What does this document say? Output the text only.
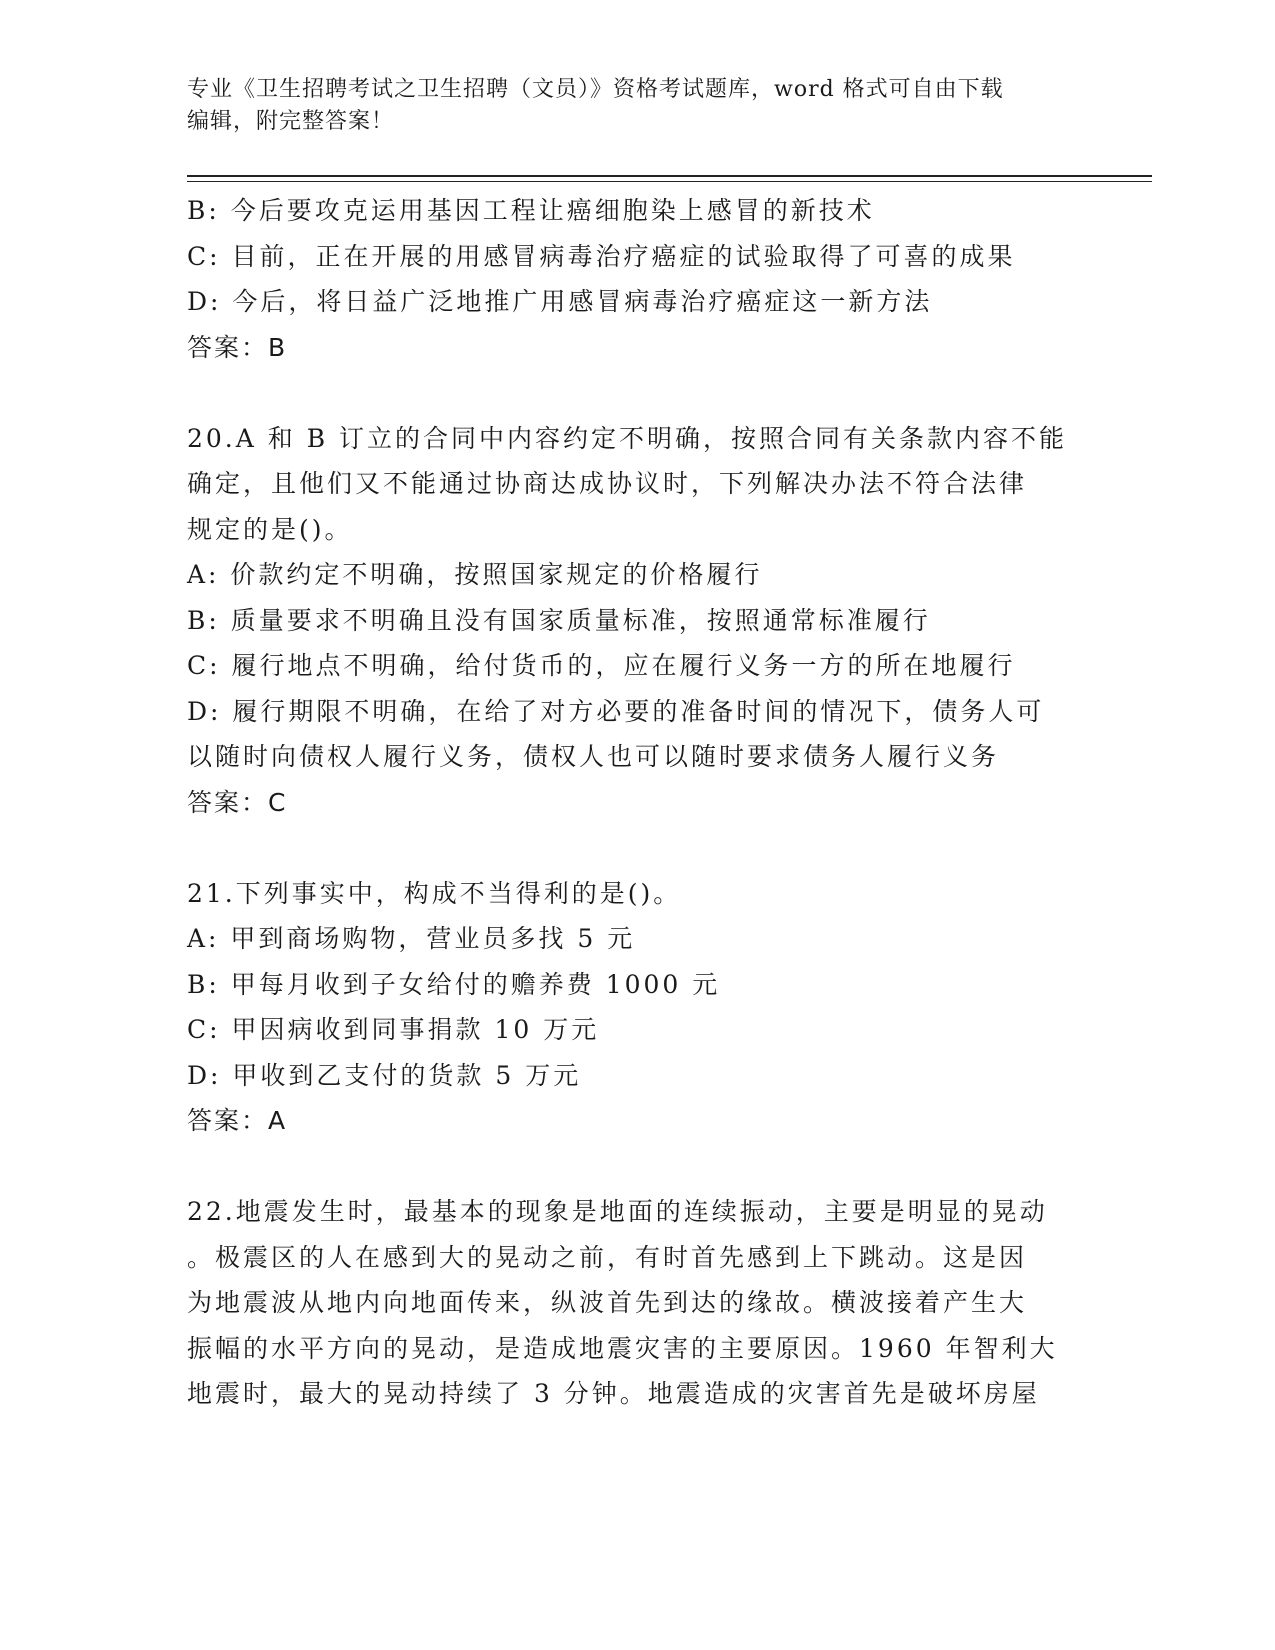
专业《卫生招聘考试之卫生招聘（文员）》资格考试题库，word 格式可自由下载
编辑，附完整答案！
B: 今后要攻克运用基因工程让癌细胞染上感冒的新技术
C: 目前，正在开展的用感冒病毒治疗癌症的试验取得了可喜的成果
D: 今后，将日益广泛地推广用感冒病毒治疗癌症这一新方法
答案：B
20.A 和 B 订立的合同中内容约定不明确，按照合同有关条款内容不能
确定，且他们又不能通过协商达成协议时，下列解决办法不符合法律
规定的是()。
A: 价款约定不明确，按照国家规定的价格履行
B: 质量要求不明确且没有国家质量标准，按照通常标准履行
C: 履行地点不明确，给付货币的，应在履行义务一方的所在地履行
D: 履行期限不明确，在给了对方必要的准备时间的情况下，债务人可
以随时向债权人履行义务，债权人也可以随时要求债务人履行义务
答案：C
21.下列事实中，构成不当得利的是()。
A: 甲到商场购物，营业员多找 5 元
B: 甲每月收到子女给付的赡养费 1000 元
C: 甲因病收到同事捐款 10 万元
D: 甲收到乙支付的货款 5 万元
答案：A
22.地震发生时，最基本的现象是地面的连续振动，主要是明显的晃动
。极震区的人在感到大的晃动之前，有时首先感到上下跳动。这是因
为地震波从地内向地面传来，纵波首先到达的缘故。横波接着产生大
振幅的水平方向的晃动，是造成地震灾害的主要原因。1960 年智利大
地震时，最大的晃动持续了 3 分钟。地震造成的灾害首先是破坏房屋
